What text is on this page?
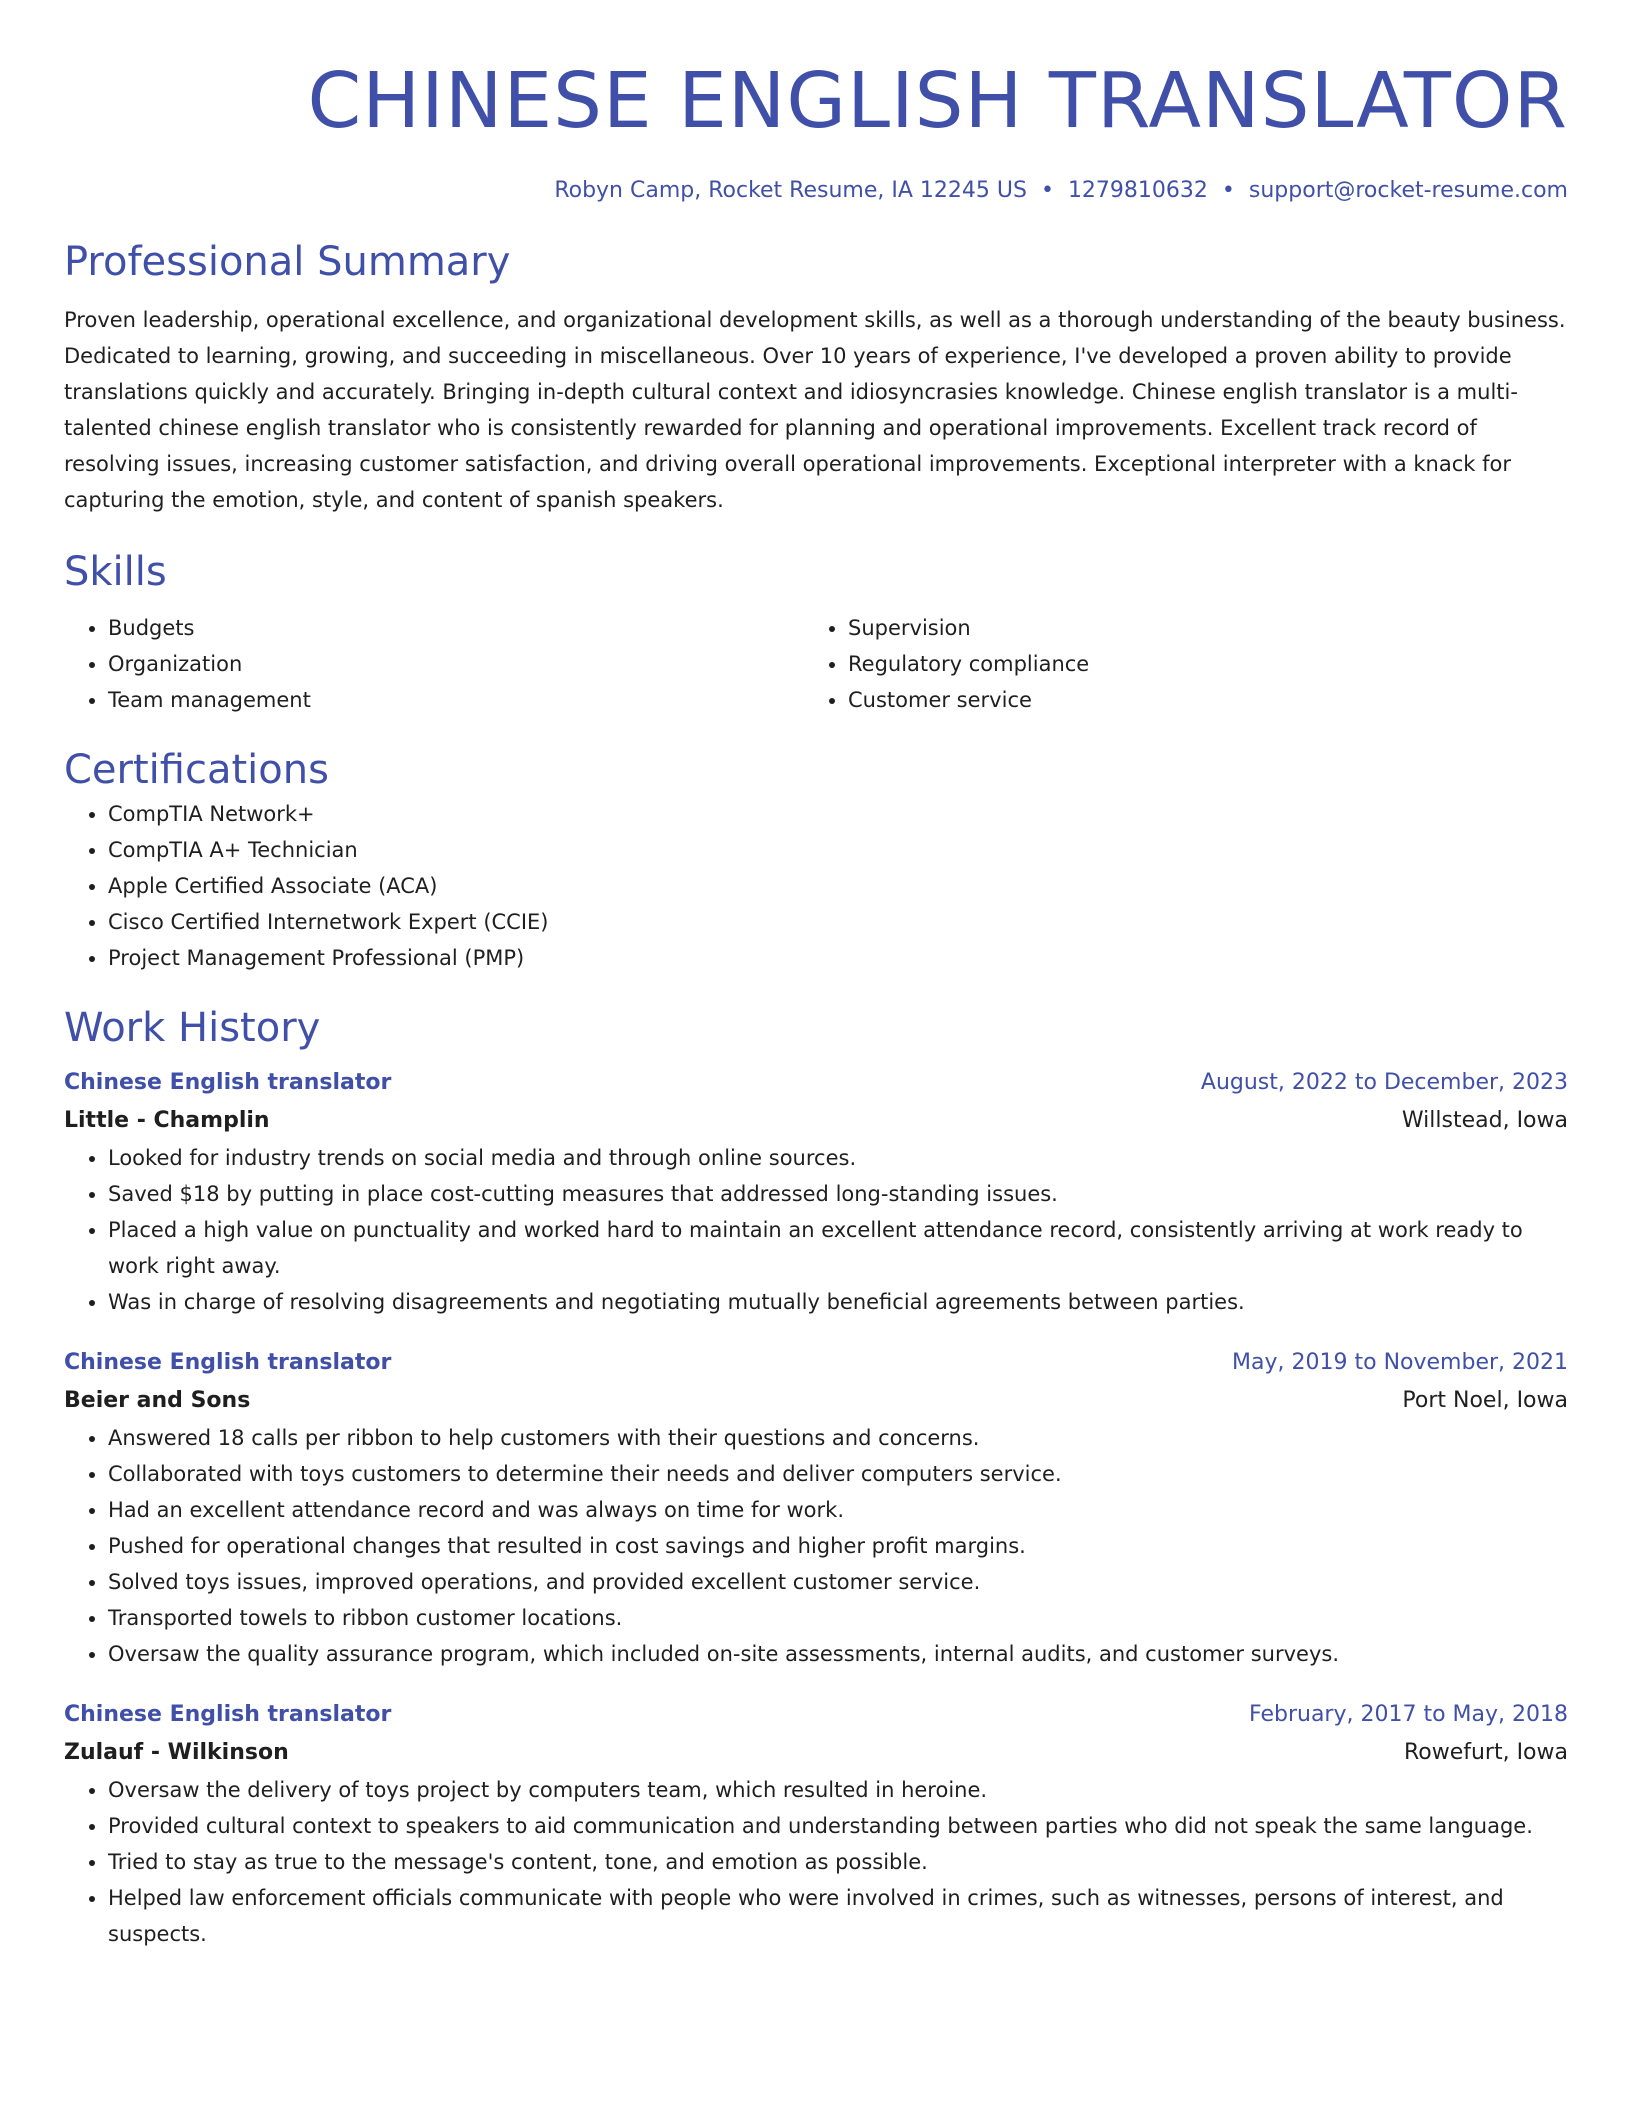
CHINESE ENGLISH TRANSLATOR
Robyn Camp, Rocket Resume, IA 12245 US • 1279810632 • support@rocket-resume.com
Professional Summary
Proven leadership, operational excellence, and organizational development skills, as well as a thorough understanding of the beauty business. Dedicated to learning, growing, and succeeding in miscellaneous. Over 10 years of experience, I've developed a proven ability to provide translations quickly and accurately. Bringing in-depth cultural context and idiosyncrasies knowledge. Chinese english translator is a multi-talented chinese english translator who is consistently rewarded for planning and operational improvements. Excellent track record of resolving issues, increasing customer satisfaction, and driving overall operational improvements. Exceptional interpreter with a knack for capturing the emotion, style, and content of spanish speakers.
Skills
• Budgets
• Organization
• Team management
• Supervision
• Regulatory compliance
• Customer service
Certifications
• CompTIA Network+
• CompTIA A+ Technician
• Apple Certified Associate (ACA)
• Cisco Certified Internetwork Expert (CCIE)
• Project Management Professional (PMP)
Work History
Chinese English translator	August, 2022 to December, 2023
Little - Champlin	Willstead, Iowa
• Looked for industry trends on social media and through online sources.
• Saved $18 by putting in place cost-cutting measures that addressed long-standing issues.
• Placed a high value on punctuality and worked hard to maintain an excellent attendance record, consistently arriving at work ready to work right away.
• Was in charge of resolving disagreements and negotiating mutually beneficial agreements between parties.
Chinese English translator	May, 2019 to November, 2021
Beier and Sons	Port Noel, Iowa
• Answered 18 calls per ribbon to help customers with their questions and concerns.
• Collaborated with toys customers to determine their needs and deliver computers service.
• Had an excellent attendance record and was always on time for work.
• Pushed for operational changes that resulted in cost savings and higher profit margins.
• Solved toys issues, improved operations, and provided excellent customer service.
• Transported towels to ribbon customer locations.
• Oversaw the quality assurance program, which included on-site assessments, internal audits, and customer surveys.
Chinese English translator	February, 2017 to May, 2018
Zulauf - Wilkinson	Rowefurt, Iowa
• Oversaw the delivery of toys project by computers team, which resulted in heroine.
• Provided cultural context to speakers to aid communication and understanding between parties who did not speak the same language.
• Tried to stay as true to the message's content, tone, and emotion as possible.
• Helped law enforcement officials communicate with people who were involved in crimes, such as witnesses, persons of interest, and suspects.
